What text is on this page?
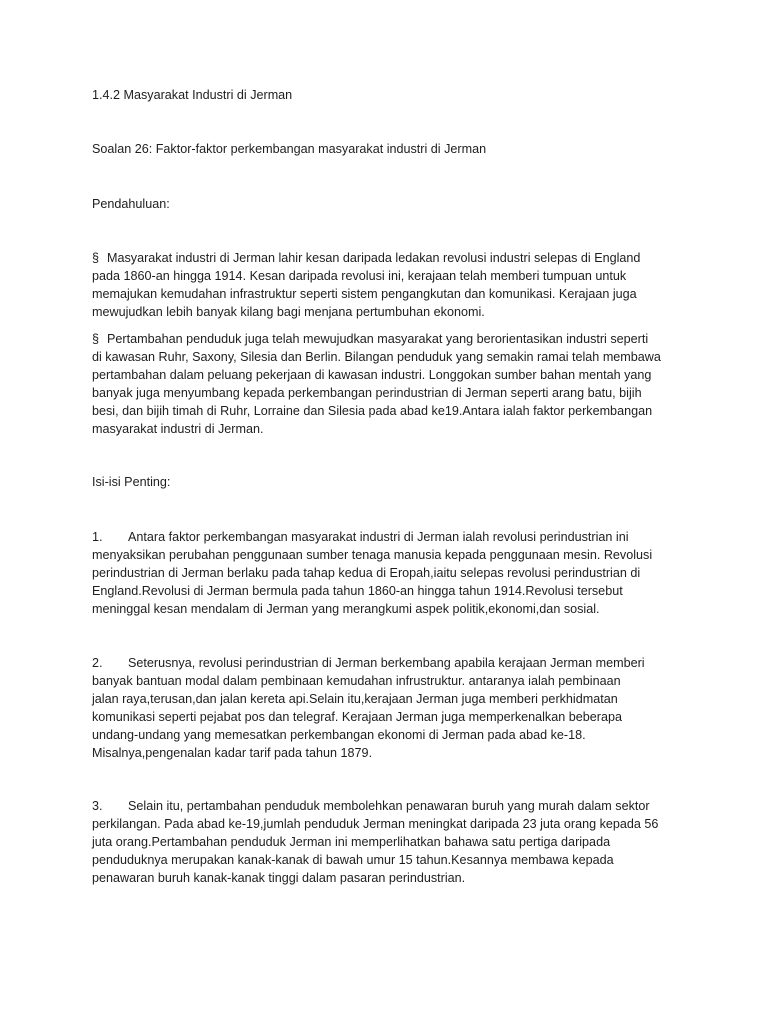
1.4.2 Masyarakat Industri di Jerman

Soalan 26: Faktor-faktor perkembangan masyarakat industri di Jerman

Pendahuluan:

§ Masyarakat industri di Jerman lahir kesan daripada ledakan revolusi industri selepas di England
pada 1860-an hingga 1914. Kesan daripada revolusi ini, kerajaan telah memberi tumpuan untuk
memajukan kemudahan infrastruktur seperti sistem pengangkutan dan komunikasi. Kerajaan juga
mewujudkan lebih banyak kilang bagi menjana pertumbuhan ekonomi.

§ Pertambahan penduduk juga telah mewujudkan masyarakat yang berorientasikan industri seperti
di kawasan Ruhr, Saxony, Silesia dan Berlin. Bilangan penduduk yang semakin ramai telah membawa
pertambahan dalam peluang pekerjaan di kawasan industri. Longgokan sumber bahan mentah yang
banyak juga menyumbang kepada perkembangan perindustrian di Jerman seperti arang batu, bijih
besi, dan bijih timah di Ruhr, Lorraine dan Silesia pada abad ke19.Antara ialah faktor perkembangan
masyarakat industri di Jerman.

Isi-isi Penting:

1. Antara faktor perkembangan masyarakat industri di Jerman ialah revolusi perindustrian ini
menyaksikan perubahan penggunaan sumber tenaga manusia kepada penggunaan mesin. Revolusi
perindustrian di Jerman berlaku pada tahap kedua di Eropah,iaitu selepas revolusi perindustrian di
England.Revolusi di Jerman bermula pada tahun 1860-an hingga tahun 1914.Revolusi tersebut
meninggal kesan mendalam di Jerman yang merangkumi aspek politik,ekonomi,dan sosial.

2. Seterusnya, revolusi perindustrian di Jerman berkembang apabila kerajaan Jerman memberi
banyak bantuan modal dalam pembinaan kemudahan infrustruktur. antaranya ialah pembinaan
jalan raya,terusan,dan jalan kereta api.Selain itu,kerajaan Jerman juga memberi perkhidmatan
komunikasi seperti pejabat pos dan telegraf. Kerajaan Jerman juga memperkenalkan beberapa
undang-undang yang memesatkan perkembangan ekonomi di Jerman pada abad ke-18.
Misalnya,pengenalan kadar tarif pada tahun 1879.

3. Selain itu, pertambahan penduduk membolehkan penawaran buruh yang murah dalam sektor
perkilangan. Pada abad ke-19,jumlah penduduk Jerman meningkat daripada 23 juta orang kepada 56
juta orang.Pertambahan penduduk Jerman ini memperlihatkan bahawa satu pertiga daripada
penduduknya merupakan kanak-kanak di bawah umur 15 tahun.Kesannya membawa kepada
penawaran buruh kanak-kanak tinggi dalam pasaran perindustrian.
